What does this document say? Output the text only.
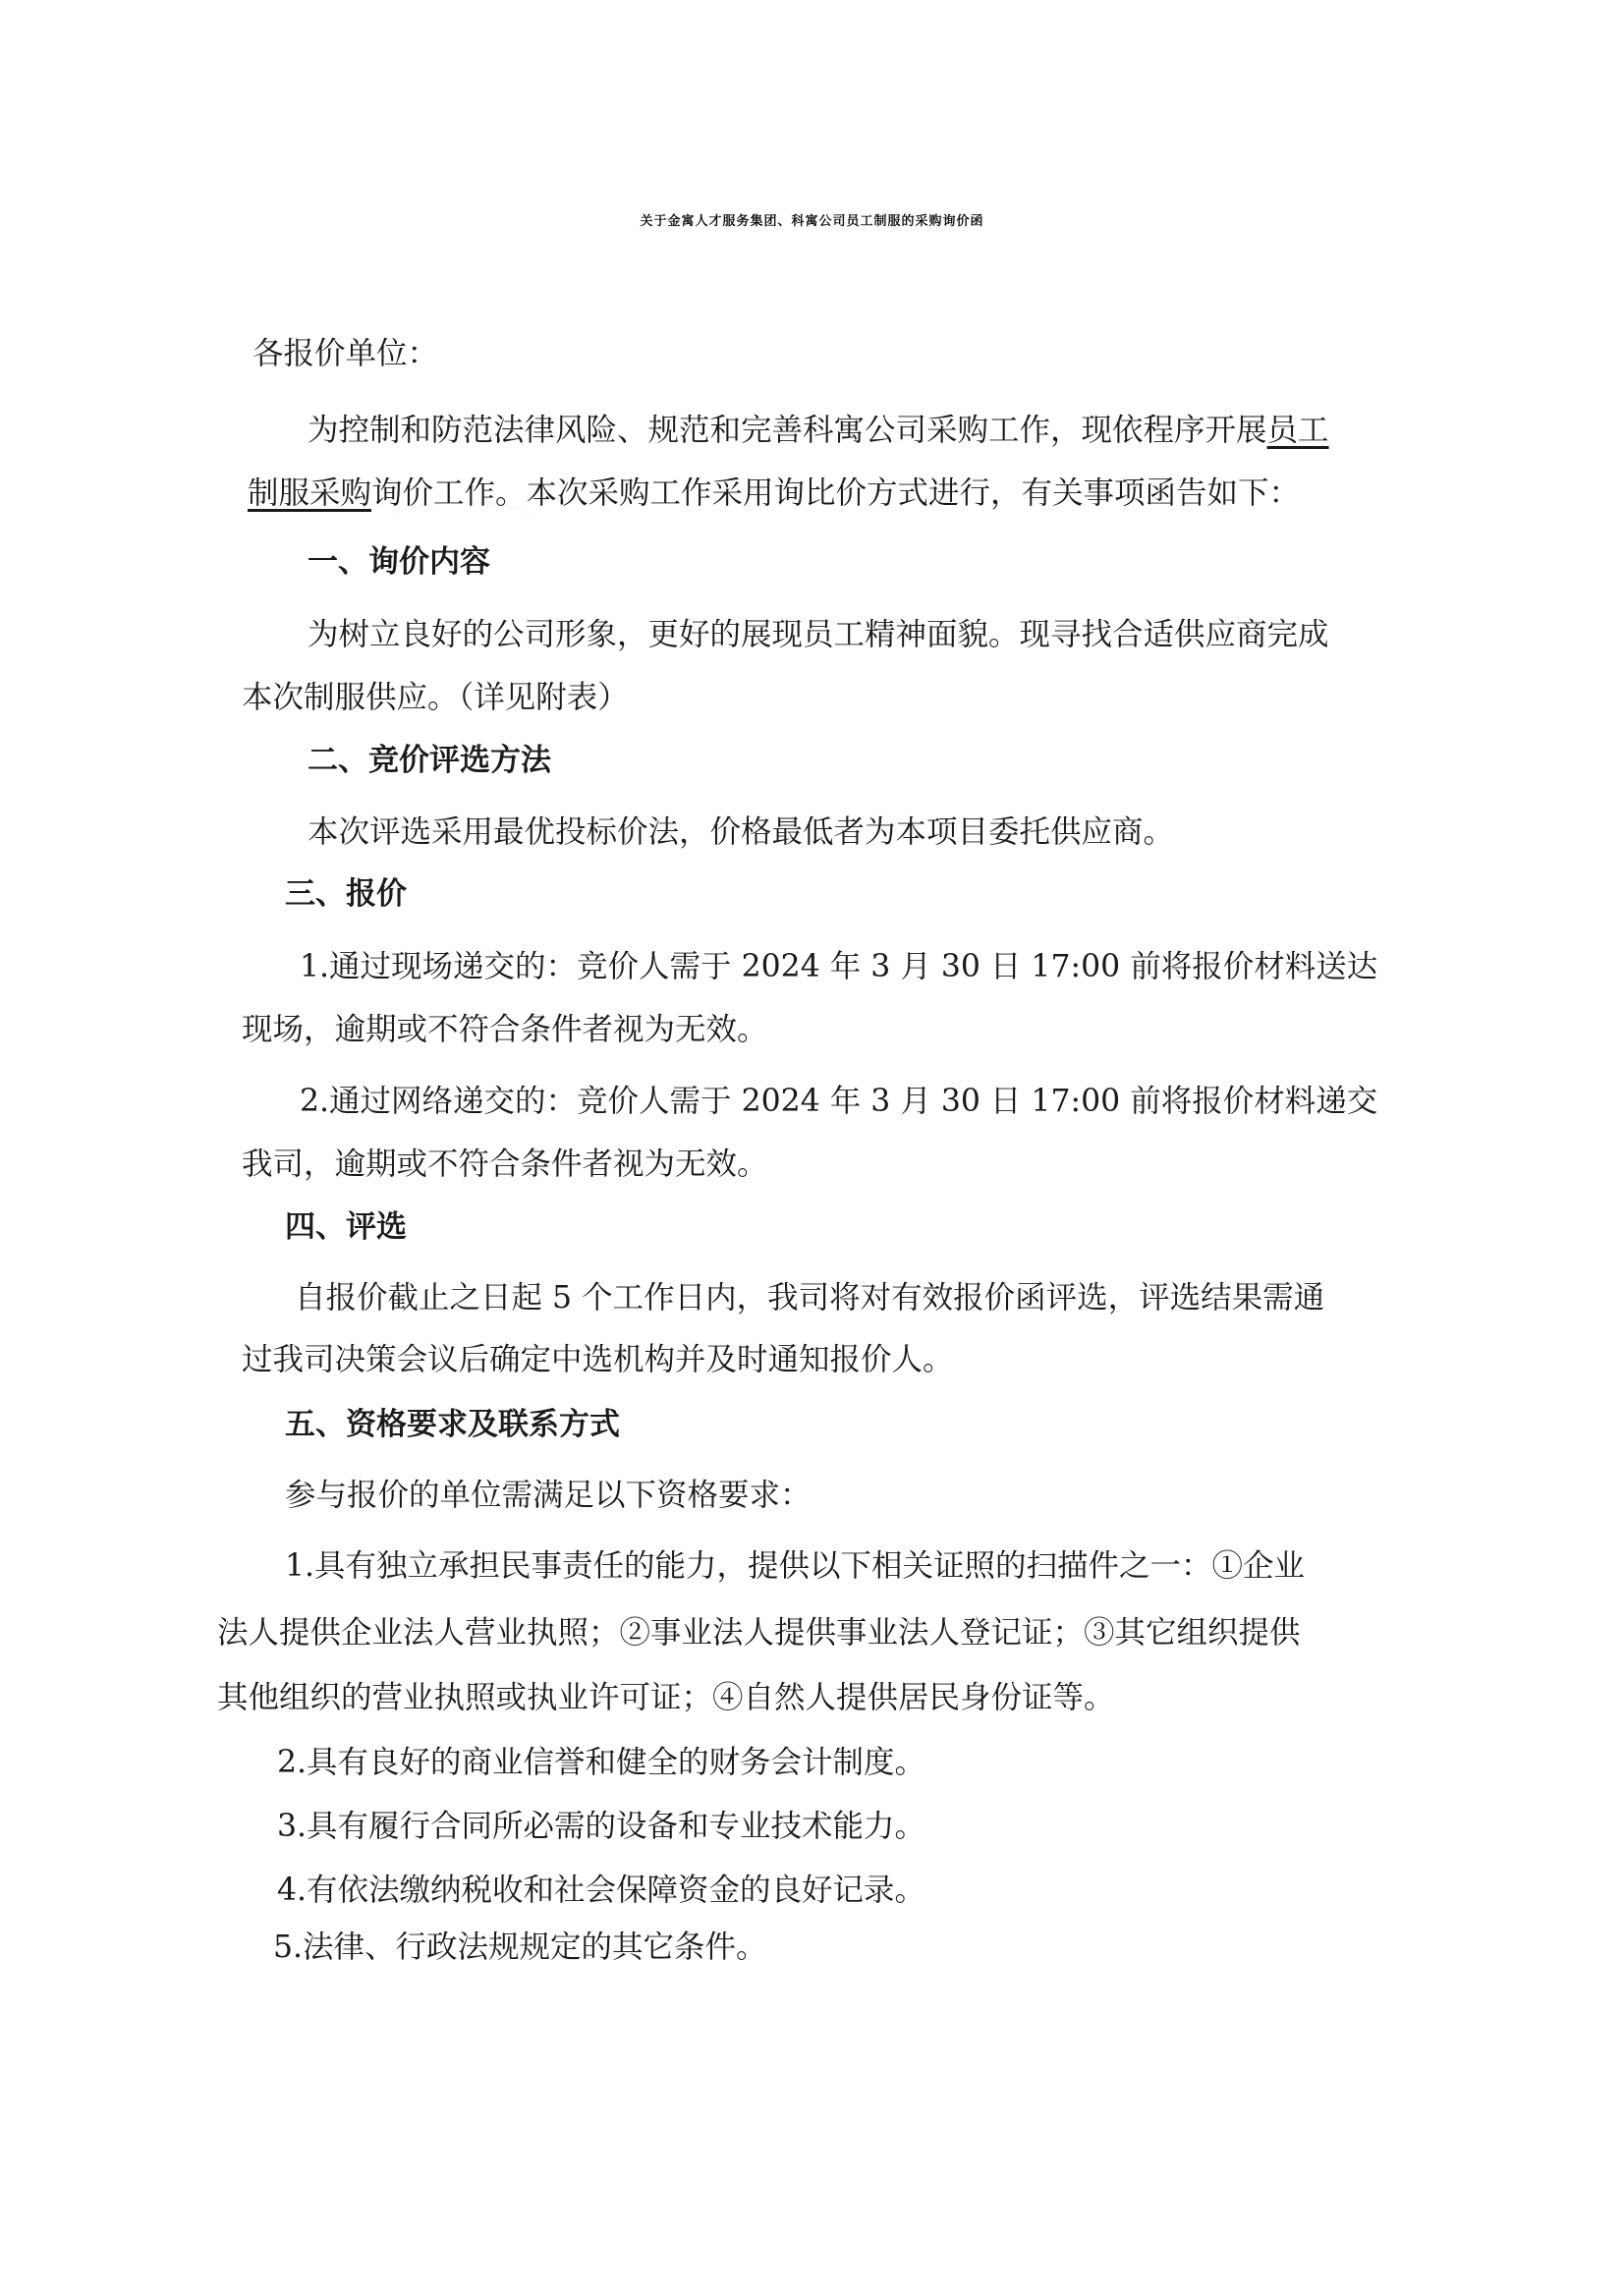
关于金寓人才服务集团、科寓公司员工制服的采购询价函
各报价单位：
为控制和防范法律风险、规范和完善科寓公司采购工作，现依程序开展员工
制服采购询价工作。本次采购工作采用询比价方式进行，有关事项函告如下：
一、询价内容
为树立良好的公司形象，更好的展现员工精神面貌。现寻找合适供应商完成
本次制服供应。（详见附表）
二、竞价评选方法
本次评选采用最优投标价法，价格最低者为本项目委托供应商。
三、报价
1.通过现场递交的：竞价人需于 2024 年 3 月 30 日 17:00 前将报价材料送达
现场，逾期或不符合条件者视为无效。
2.通过网络递交的：竞价人需于 2024 年 3 月 30 日 17:00 前将报价材料递交
我司，逾期或不符合条件者视为无效。
四、评选
自报价截止之日起 5 个工作日内，我司将对有效报价函评选，评选结果需通
过我司决策会议后确定中选机构并及时通知报价人。
五、资格要求及联系方式
参与报价的单位需满足以下资格要求：
1.具有独立承担民事责任的能力，提供以下相关证照的扫描件之一：①企业
法人提供企业法人营业执照；②事业法人提供事业法人登记证；③其它组织提供
其他组织的营业执照或执业许可证；④自然人提供居民身份证等。
2.具有良好的商业信誉和健全的财务会计制度。
3.具有履行合同所必需的设备和专业技术能力。
4.有依法缴纳税收和社会保障资金的良好记录。
5.法律、行政法规规定的其它条件。
